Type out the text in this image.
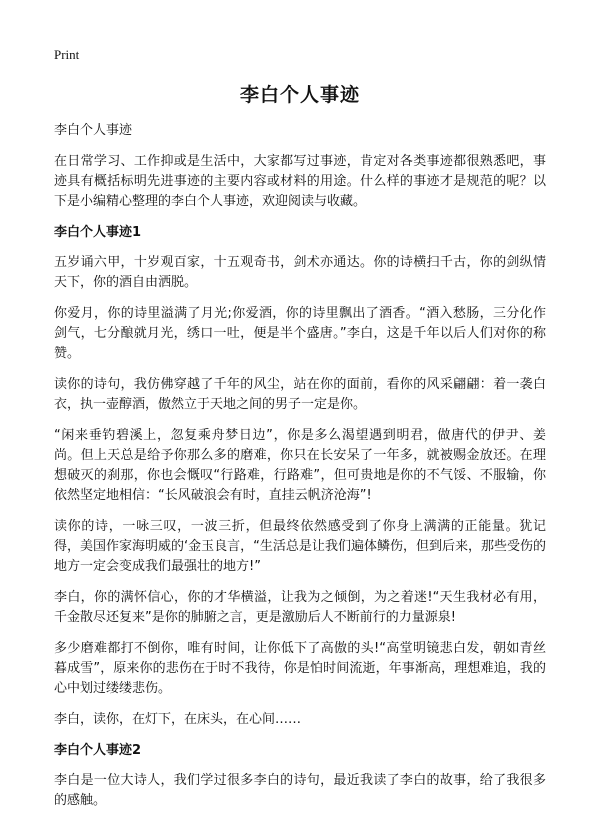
Print
李白个人事迹

李白个人事迹

在日常学习、工作抑或是生活中，大家都写过事迹，肯定对各类事迹都很熟悉吧，事迹具有概括标明先进事迹的主要内容或材料的用途。什么样的事迹才是规范的呢？以下是小编精心整理的李白个人事迹，欢迎阅读与收藏。

李白个人事迹1

五岁诵六甲，十岁观百家，十五观奇书，剑术亦通达。你的诗横扫千古，你的剑纵情天下，你的酒自由洒脱。

你爱月，你的诗里溢满了月光;你爱酒，你的诗里飘出了酒香。“酒入愁肠，三分化作剑气，七分酿就月光，绣口一吐，便是半个盛唐。”李白，这是千年以后人们对你的称赞。

读你的诗句，我仿佛穿越了千年的风尘，站在你的面前，看你的风采翩翩：着一袭白衣，执一壶醇酒，傲然立于天地之间的男子一定是你。

“闲来垂钓碧溪上，忽复乘舟梦日边”，你是多么渴望遇到明君，做唐代的伊尹、姜尚。但上天总是给予你那么多的磨难，你只在长安呆了一年多，就被赐金放还。在理想破灭的刹那，你也会慨叹“行路难，行路难”，但可贵地是你的不气馁、不服输，你依然坚定地相信：“长风破浪会有时，直挂云帆济沧海”!

读你的诗，一咏三叹，一波三折，但最终依然感受到了你身上满满的正能量。犹记得，美国作家海明威的‘金玉良言，“生活总是让我们遍体鳞伤，但到后来，那些受伤的地方一定会变成我们最强壮的地方!”

李白，你的满怀信心，你的才华横溢，让我为之倾倒，为之着迷!“天生我材必有用，千金散尽还复来”是你的肺腑之言，更是激励后人不断前行的力量源泉!

多少磨难都打不倒你，唯有时间，让你低下了高傲的头!“高堂明镜悲白发，朝如青丝暮成雪”，原来你的悲伤在于时不我待，你是怕时间流逝，年事渐高，理想难追，我的心中划过缕缕悲伤。

李白，读你，在灯下，在床头，在心间……

李白个人事迹2

李白是一位大诗人，我们学过很多李白的诗句，最近我读了李白的故事，给了我很多的感触。
